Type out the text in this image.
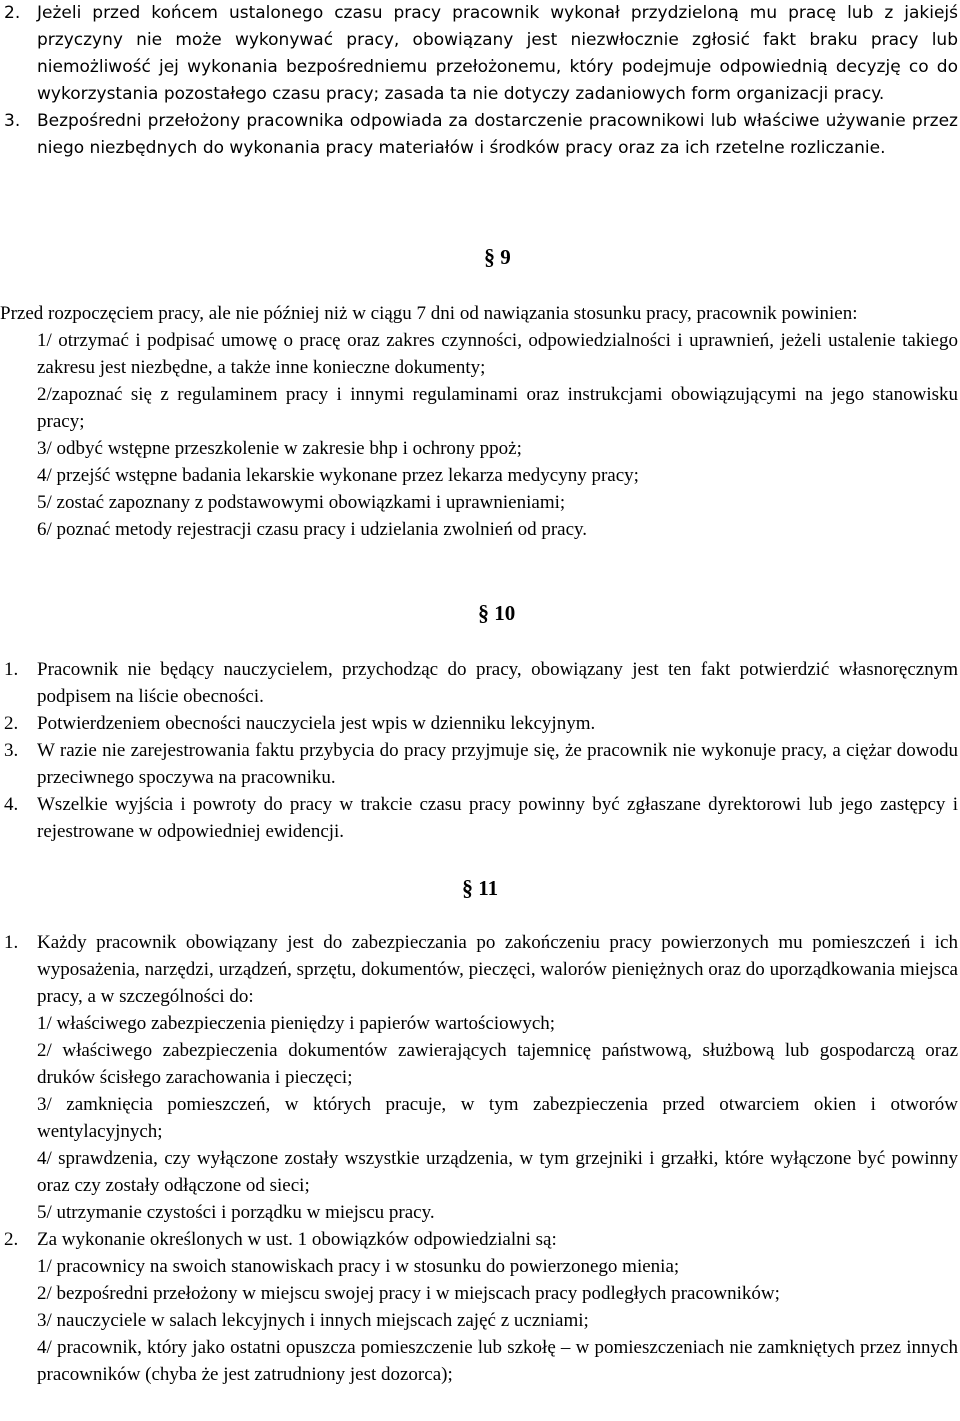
2. Jeżeli przed końcem ustalonego czasu pracy pracownik wykonał przydzieloną mu pracę lub z jakiejś przyczyny nie może wykonywać pracy, obowiązany jest niezwłocznie zgłosić fakt braku pracy lub niemożliwość jej wykonania bezpośredniemu przełożonemu, który podejmuje odpowiednią decyzję co do wykorzystania pozostałego czasu pracy; zasada ta nie dotyczy zadaniowych form organizacji pracy.

3. Bezpośredni przełożony pracownika odpowiada za dostarczenie pracownikowi lub właściwe używanie przez niego niezbędnych do wykonania pracy materiałów i środków pracy oraz za ich rzetelne rozliczanie.

§ 9

Przed rozpoczęciem pracy, ale nie później niż w ciągu 7 dni od nawiązania stosunku pracy, pracownik powinien:

1/ otrzymać i podpisać umowę o pracę oraz zakres czynności, odpowiedzialności i uprawnień, jeżeli ustalenie takiego zakresu jest niezbędne, a także inne konieczne dokumenty;

2/zapoznać się z regulaminem pracy i innymi regulaminami oraz instrukcjami obowiązującymi na jego stanowisku pracy;

3/ odbyć wstępne przeszkolenie w zakresie bhp i ochrony ppoż;

4/ przejść wstępne badania lekarskie wykonane przez lekarza medycyny pracy;

5/ zostać zapoznany z podstawowymi obowiązkami i uprawnieniami;

6/ poznać metody rejestracji czasu pracy i udzielania zwolnień od pracy.

§ 10
1. Pracownik nie będący nauczycielem, przychodząc do pracy, obowiązany jest ten fakt potwierdzić własnoręcznym podpisem na liście obecności.

2. Potwierdzeniem obecności nauczyciela jest wpis w dzienniku lekcyjnym.

3. W razie nie zarejestrowania faktu przybycia do pracy przyjmuje się, że pracownik nie wykonuje pracy, a ciężar dowodu przeciwnego spoczywa na pracowniku.

4. Wszelkie wyjścia i powroty do pracy w trakcie czasu pracy powinny być zgłaszane dyrektorowi lub jego zastępcy i rejestrowane w odpowiedniej ewidencji.

§ 11
1. Każdy pracownik obowiązany jest do zabezpieczania po zakończeniu pracy powierzonych mu pomieszczeń i ich wyposażenia, narzędzi, urządzeń, sprzętu, dokumentów, pieczęci, walorów pieniężnych oraz do uporządkowania miejsca pracy, a w szczególności do:

1/ właściwego zabezpieczenia pieniędzy i papierów wartościowych;

2/ właściwego zabezpieczenia dokumentów zawierających tajemnicę państwową, służbową lub gospodarczą oraz druków ścisłego zarachowania i pieczęci;

3/ zamknięcia pomieszczeń, w których pracuje, w tym zabezpieczenia przed otwarciem okien i otworów wentylacyjnych;

4/ sprawdzenia, czy wyłączone zostały wszystkie urządzenia, w tym grzejniki i grzałki, które wyłączone być powinny oraz czy zostały odłączone od sieci;

5/ utrzymanie czystości i porządku w miejscu pracy.

2. Za wykonanie określonych w ust. 1 obowiązków odpowiedzialni są:

1/ pracownicy na swoich stanowiskach pracy i w stosunku do powierzonego mienia;

2/ bezpośredni przełożony w miejscu swojej pracy i w miejscach pracy podległych pracowników;

3/ nauczyciele w salach lekcyjnych i innych miejscach zajęć z uczniami;

4/ pracownik, który jako ostatni opuszcza pomieszczenie lub szkołę – w pomieszczeniach nie zamkniętych przez innych pracowników (chyba że jest zatrudniony jest dozorca);
